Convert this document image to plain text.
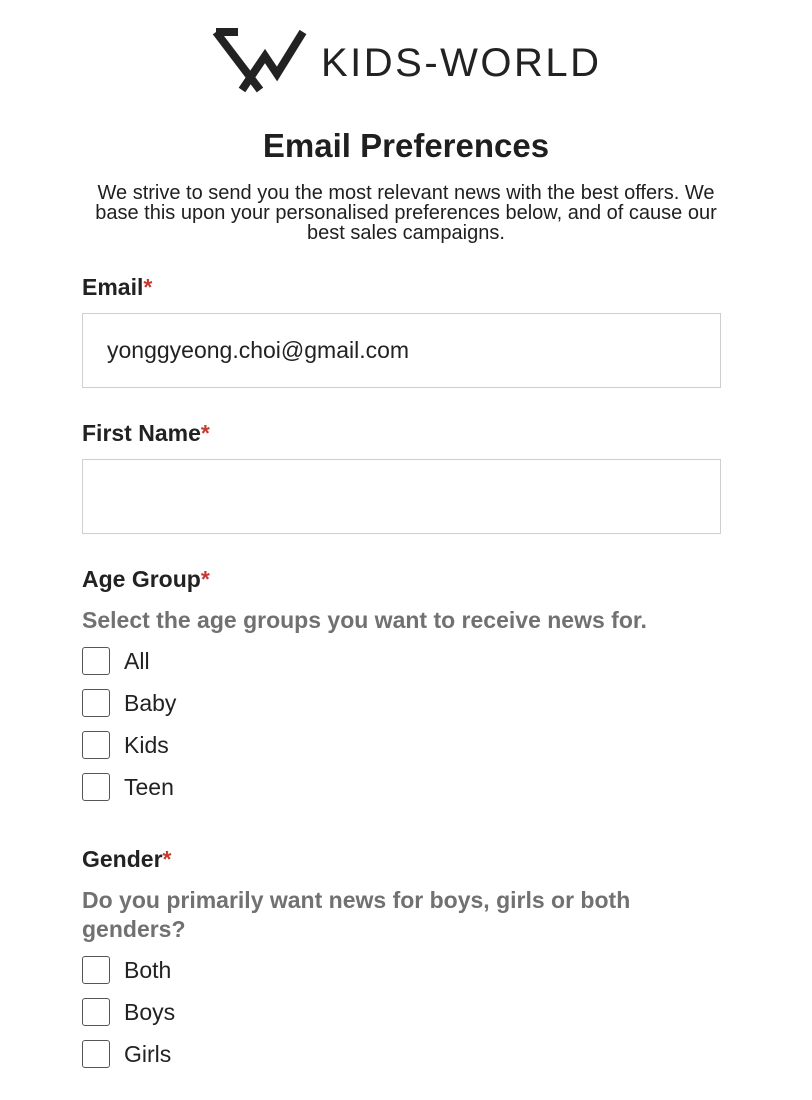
KIDS-WORLD
Email Preferences

We strive to send you the most relevant news with the best offers. We base this upon your personalised preferences below, and of cause our best sales campaigns.

Email*
yonggyeong.choi@gmail.com
First Name*
Age Group*
Select the age groups you want to receive news for.
All
Baby
Kids
Teen
Gender*
Do you primarily want news for boys, girls or both genders?
Both
Boys
Girls
